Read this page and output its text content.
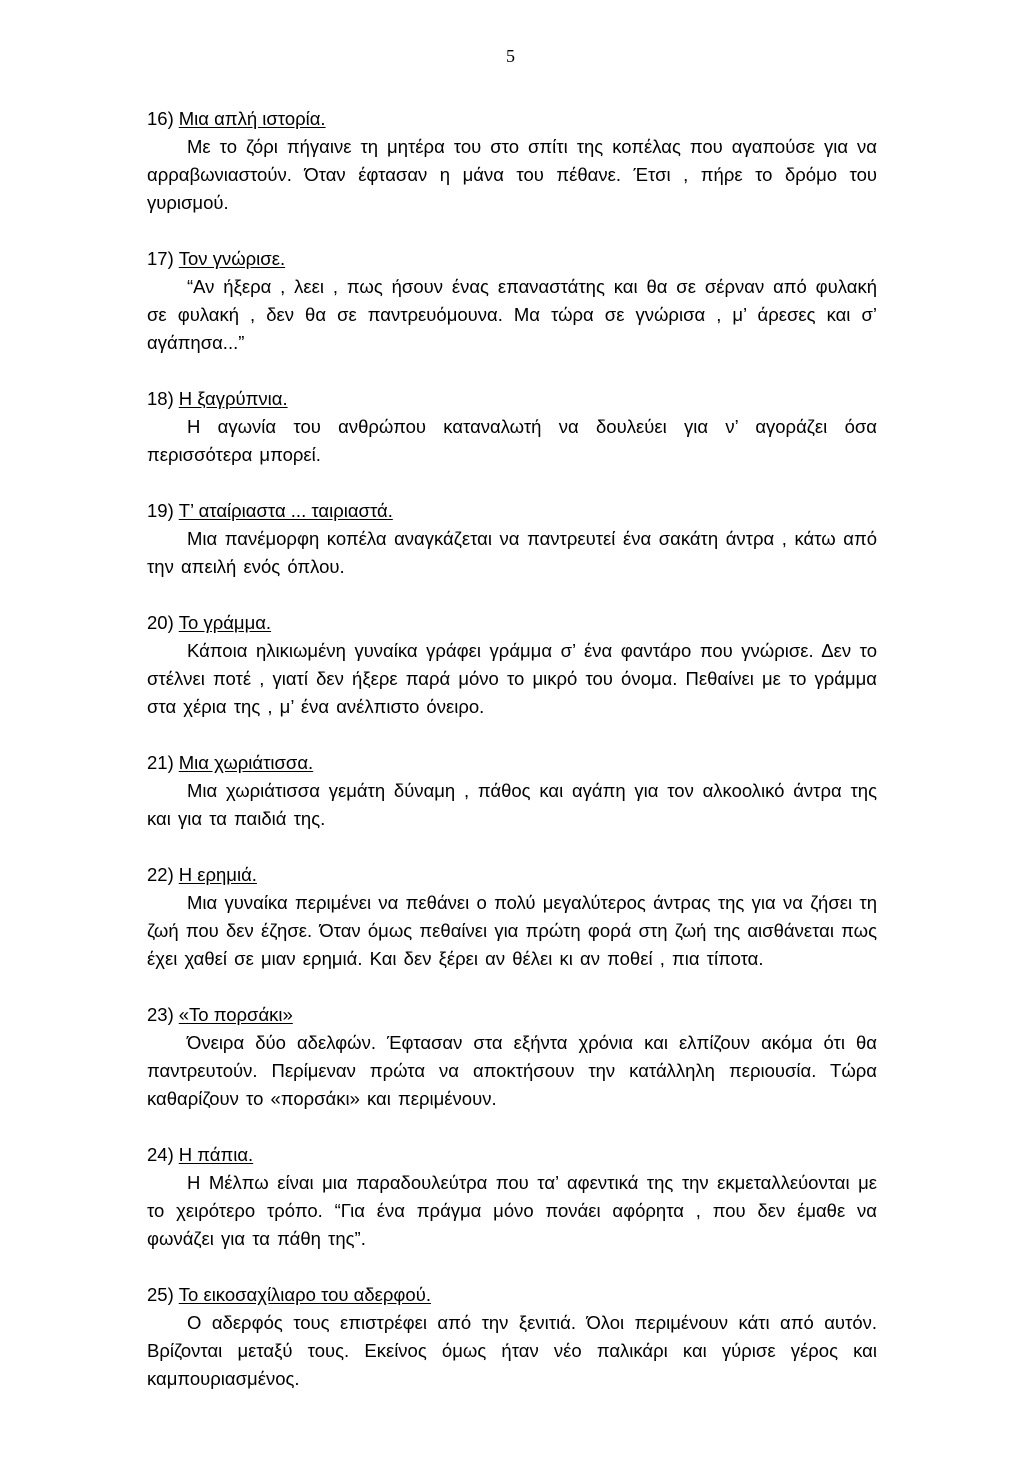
5
16) Μια απλή ιστορία.
Με το ζόρι πήγαινε τη μητέρα του στο σπίτι της κοπέλας που αγαπούσε για να αρραβωνιαστούν. Όταν έφτασαν η μάνα του πέθανε. Έτσι , πήρε το δρόμο του γυρισμού.
17) Τον γνώρισε.
“Αν ήξερα , λεει , πως ήσουν ένας επαναστάτης και θα σε σέρναν από φυλακή σε φυλακή , δεν θα σε παντρευόμουνα. Μα τώρα σε γνώρισα , μ’ άρεσες και σ’ αγάπησα...”
18) Η ξαγρύπνια.
Η αγωνία του ανθρώπου καταναλωτή να δουλεύει για ν’ αγοράζει όσα περισσότερα μπορεί.
19) Τ’ αταίριαστα ... ταιριαστά.
Μια πανέμορφη κοπέλα αναγκάζεται να παντρευτεί ένα σακάτη άντρα , κάτω από την απειλή ενός όπλου.
20) Το γράμμα.
Κάποια ηλικιωμένη γυναίκα γράφει γράμμα σ’ ένα φαντάρο που γνώρισε. Δεν το στέλνει ποτέ , γιατί δεν ήξερε παρά μόνο το μικρό του όνομα. Πεθαίνει με το γράμμα στα χέρια της , μ’ ένα ανέλπιστο όνειρο.
21) Μια χωριάτισσα.
Μια χωριάτισσα γεμάτη δύναμη , πάθος και αγάπη για τον αλκοολικό άντρα της και για τα παιδιά της.
22) Η ερημιά.
Μια γυναίκα περιμένει να πεθάνει ο πολύ μεγαλύτερος άντρας της για να ζήσει τη ζωή που δεν έζησε. Όταν όμως πεθαίνει για πρώτη φορά στη ζωή της αισθάνεται πως έχει χαθεί σε μιαν ερημιά. Και δεν ξέρει αν θέλει κι αν ποθεί , πια τίποτα.
23) «Το πορσάκι»
Όνειρα δύο αδελφών. Έφτασαν στα εξήντα χρόνια και ελπίζουν ακόμα ότι θα παντρευτούν. Περίμεναν πρώτα να αποκτήσουν την κατάλληλη περιουσία. Τώρα καθαρίζουν το «πορσάκι» και περιμένουν.
24) Η πάπια.
Η Μέλπω είναι μια παραδουλεύτρα που τα’ αφεντικά της την εκμεταλλεύονται με το χειρότερο τρόπο. “Για ένα πράγμα μόνο πονάει αφόρητα , που δεν έμαθε να φωνάζει για τα πάθη της”.
25) Το εικοσαχίλιαρο του αδερφού.
Ο αδερφός τους επιστρέφει από την ξενιτιά. Όλοι περιμένουν κάτι από αυτόν. Βρίζονται μεταξύ τους. Εκείνος όμως ήταν νέο παλικάρι και γύρισε γέρος και καμπουριασμένος.
